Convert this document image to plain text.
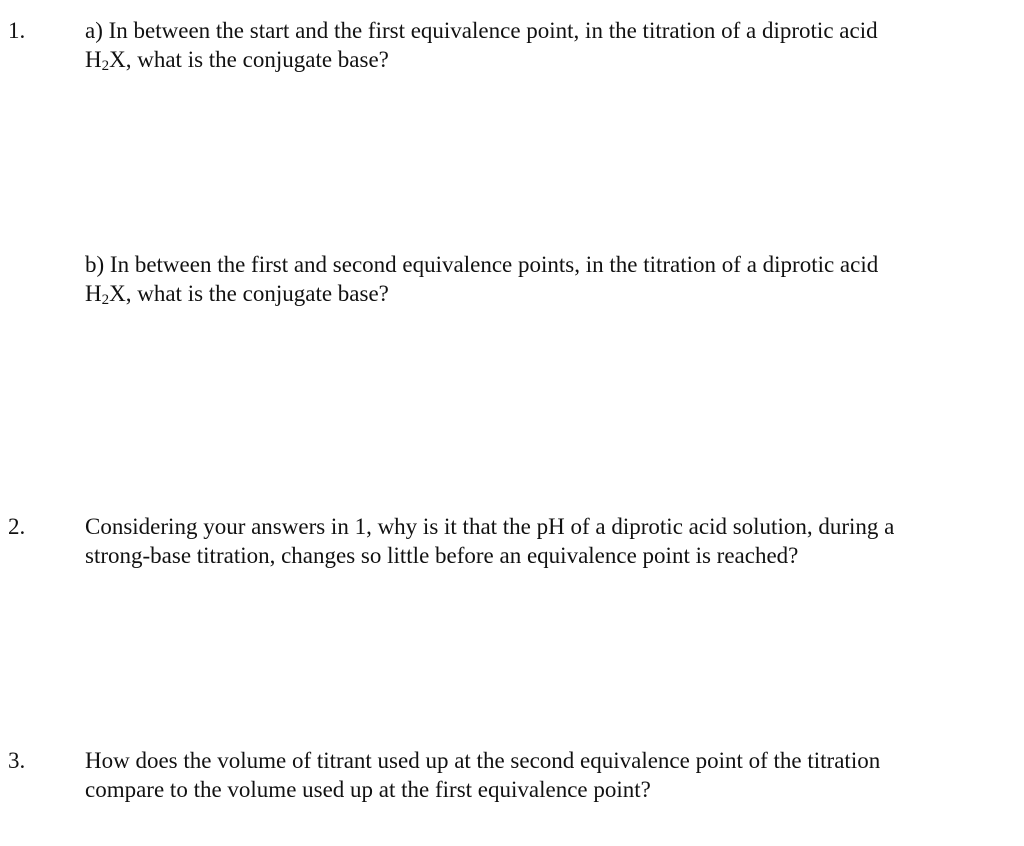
1.	a) In between the start and the first equivalence point, in the titration of a diprotic acid
$H_2X$, what is the conjugate base?
b) In between the first and second equivalence points, in the titration of a diprotic acid
$H_2X$, what is the conjugate base?
2.	Considering your answers in 1, why is it that the pH of a diprotic acid solution, during a
strong-base titration, changes so little before an equivalence point is reached?
3.	How does the volume of titrant used up at the second equivalence point of the titration
compare to the volume used up at the first equivalence point?
